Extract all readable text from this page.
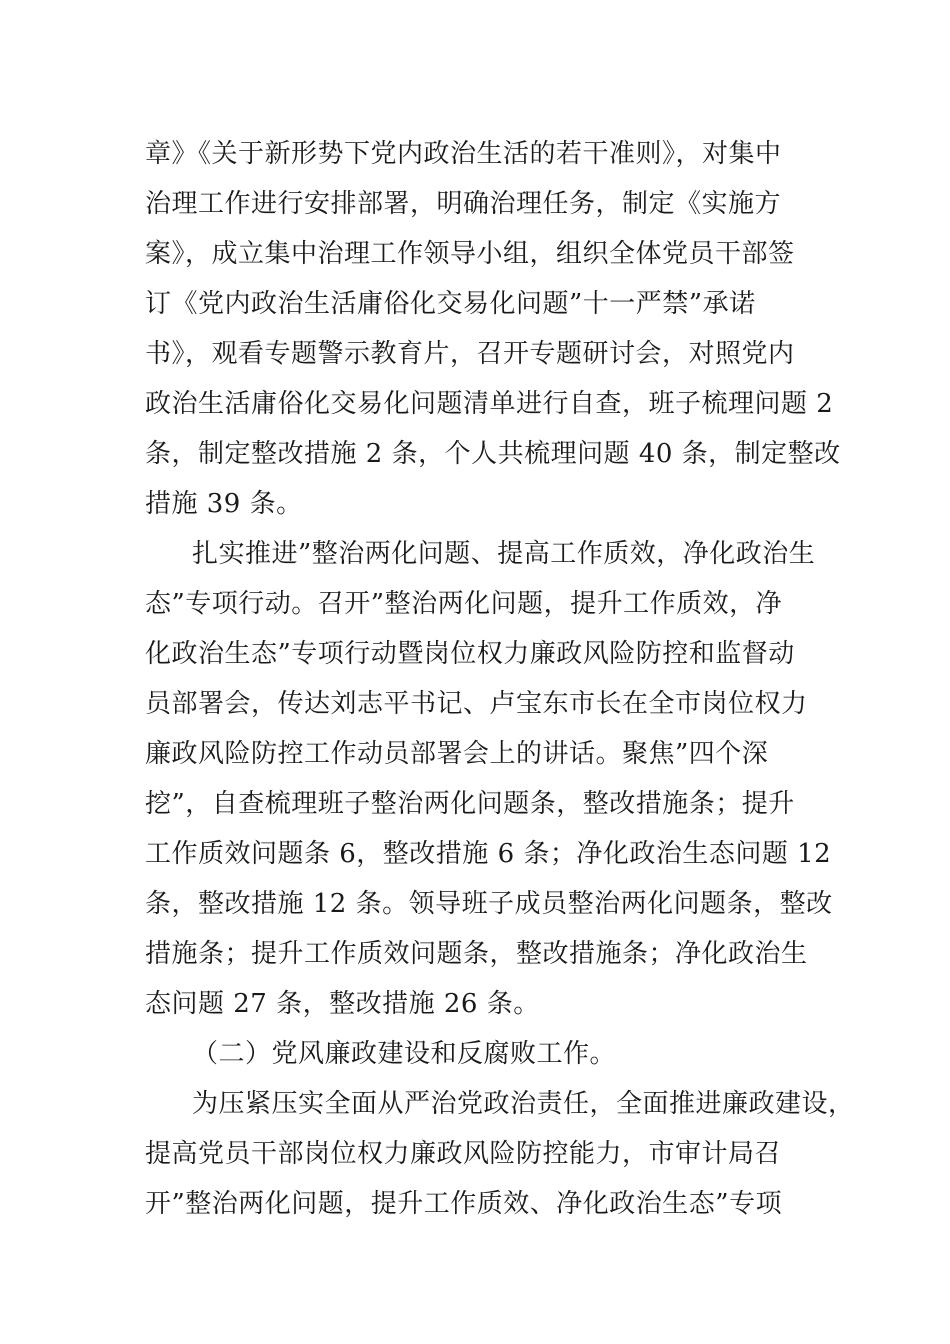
章》《关于新形势下党内政治生活的若干准则》，对集中
治理工作进行安排部署，明确治理任务，制定《实施方
案》，成立集中治理工作领导小组，组织全体党员干部签
订《党内政治生活庸俗化交易化问题”十一严禁”承诺
书》，观看专题警示教育片，召开专题研讨会，对照党内
政治生活庸俗化交易化问题清单进行自查，班子梳理问题 2
条，制定整改措施 2 条，个人共梳理问题 40 条，制定整改
措施 39 条。
扎实推进”整治两化问题、提高工作质效，净化政治生
态”专项行动。召开”整治两化问题，提升工作质效，净
化政治生态”专项行动暨岗位权力廉政风险防控和监督动
员部署会，传达刘志平书记、卢宝东市长在全市岗位权力
廉政风险防控工作动员部署会上的讲话。聚焦”四个深
挖”，自查梳理班子整治两化问题条，整改措施条；提升
工作质效问题条 6，整改措施 6 条；净化政治生态问题 12
条，整改措施 12 条。领导班子成员整治两化问题条，整改
措施条；提升工作质效问题条，整改措施条；净化政治生
态问题 27 条，整改措施 26 条。
（二）党风廉政建设和反腐败工作。
为压紧压实全面从严治党政治责任，全面推进廉政建设，
提高党员干部岗位权力廉政风险防控能力，市审计局召
开”整治两化问题，提升工作质效、净化政治生态”专项
